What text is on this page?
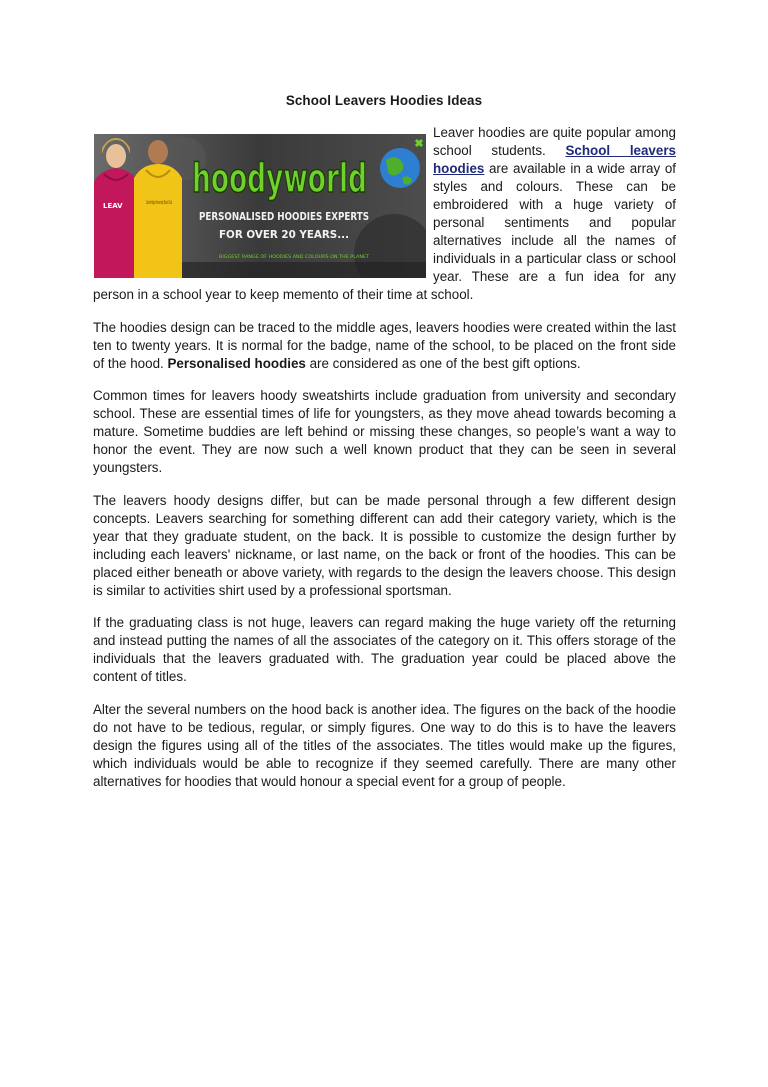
School Leavers Hoodies Ideas
LEAV	Cambridge University Boat Club
hoodyworld
PERSONALISED HOODIES EXPERTS
FOR OVER 20 YEARS...
BIGGEST RANGE OF HOODIES AND COLOURS ON THE PLANET

Leaver hoodies are quite popular among school students. School leavers hoodies are available in a wide array of styles and colours. These can be embroidered with a huge variety of personal sentiments and popular alternatives include all the names of individuals in a particular class or school year. These are a fun idea for any person in a school year to keep memento of their time at school.

The hoodies design can be traced to the middle ages, leavers hoodies were created within the last ten to twenty years. It is normal for the badge, name of the school, to be placed on the front side of the hood. Personalised hoodies are considered as one of the best gift options.

Common times for leavers hoody sweatshirts include graduation from university and secondary school. These are essential times of life for youngsters, as they move ahead towards becoming a mature. Sometime buddies are left behind or missing these changes, so people’s want a way to honor the event. They are now such a well known product that they can be seen in several youngsters.

The leavers hoody designs differ, but can be made personal through a few different design concepts. Leavers searching for something different can add their category variety, which is the year that they graduate student, on the back. It is possible to customize the design further by including each leavers' nickname, or last name, on the back or front of the hoodies. This can be placed either beneath or above variety, with regards to the design the leavers choose. This design is similar to activities shirt used by a professional sportsman.

If the graduating class is not huge, leavers can regard making the huge variety off the returning and instead putting the names of all the associates of the category on it. This offers storage of the individuals that the leavers graduated with. The graduation year could be placed above the content of titles.

Alter the several numbers on the hood back is another idea. The figures on the back of the hoodie do not have to be tedious, regular, or simply figures. One way to do this is to have the leavers design the figures using all of the titles of the associates. The titles would make up the figures, which individuals would be able to recognize if they seemed carefully. There are many other alternatives for hoodies that would honour a special event for a group of people.
